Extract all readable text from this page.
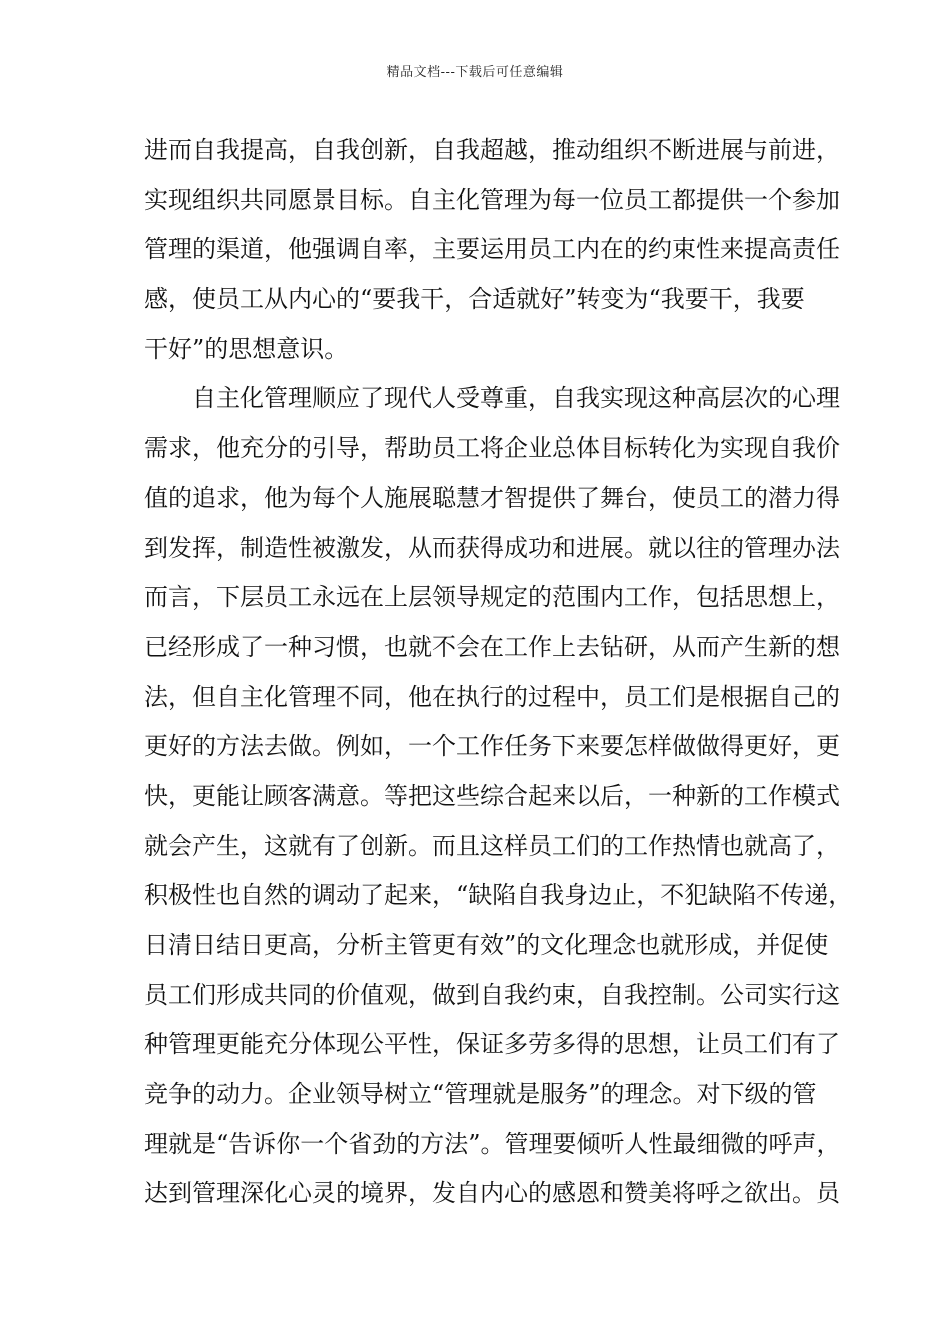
精品文档---下载后可任意编辑
进而自我提高，自我创新，自我超越，推动组织不断进展与前进，
实现组织共同愿景目标。自主化管理为每一位员工都提供一个参加
管理的渠道，他强调自率，主要运用员工内在的约束性来提高责任
感，使员工从内心的“要我干，合适就好”转变为“我要干，我要
干好”的思想意识。
自主化管理顺应了现代人受尊重，自我实现这种高层次的心理
需求，他充分的引导，帮助员工将企业总体目标转化为实现自我价
值的追求，他为每个人施展聪慧才智提供了舞台，使员工的潜力得
到发挥，制造性被激发，从而获得成功和进展。就以往的管理办法
而言，下层员工永远在上层领导规定的范围内工作，包括思想上，
已经形成了一种习惯，也就不会在工作上去钻研，从而产生新的想
法，但自主化管理不同，他在执行的过程中，员工们是根据自己的
更好的方法去做。例如，一个工作任务下来要怎样做做得更好，更
快，更能让顾客满意。等把这些综合起来以后，一种新的工作模式
就会产生，这就有了创新。而且这样员工们的工作热情也就高了，
积极性也自然的调动了起来，“缺陷自我身边止，不犯缺陷不传递，
日清日结日更高，分析主管更有效”的文化理念也就形成，并促使
员工们形成共同的价值观，做到自我约束，自我控制。公司实行这
种管理更能充分体现公平性，保证多劳多得的思想，让员工们有了
竞争的动力。企业领导树立“管理就是服务”的理念。对下级的管
理就是“告诉你一个省劲的方法”。管理要倾听人性最细微的呼声，
达到管理深化心灵的境界，发自内心的感恩和赞美将呼之欲出。员
